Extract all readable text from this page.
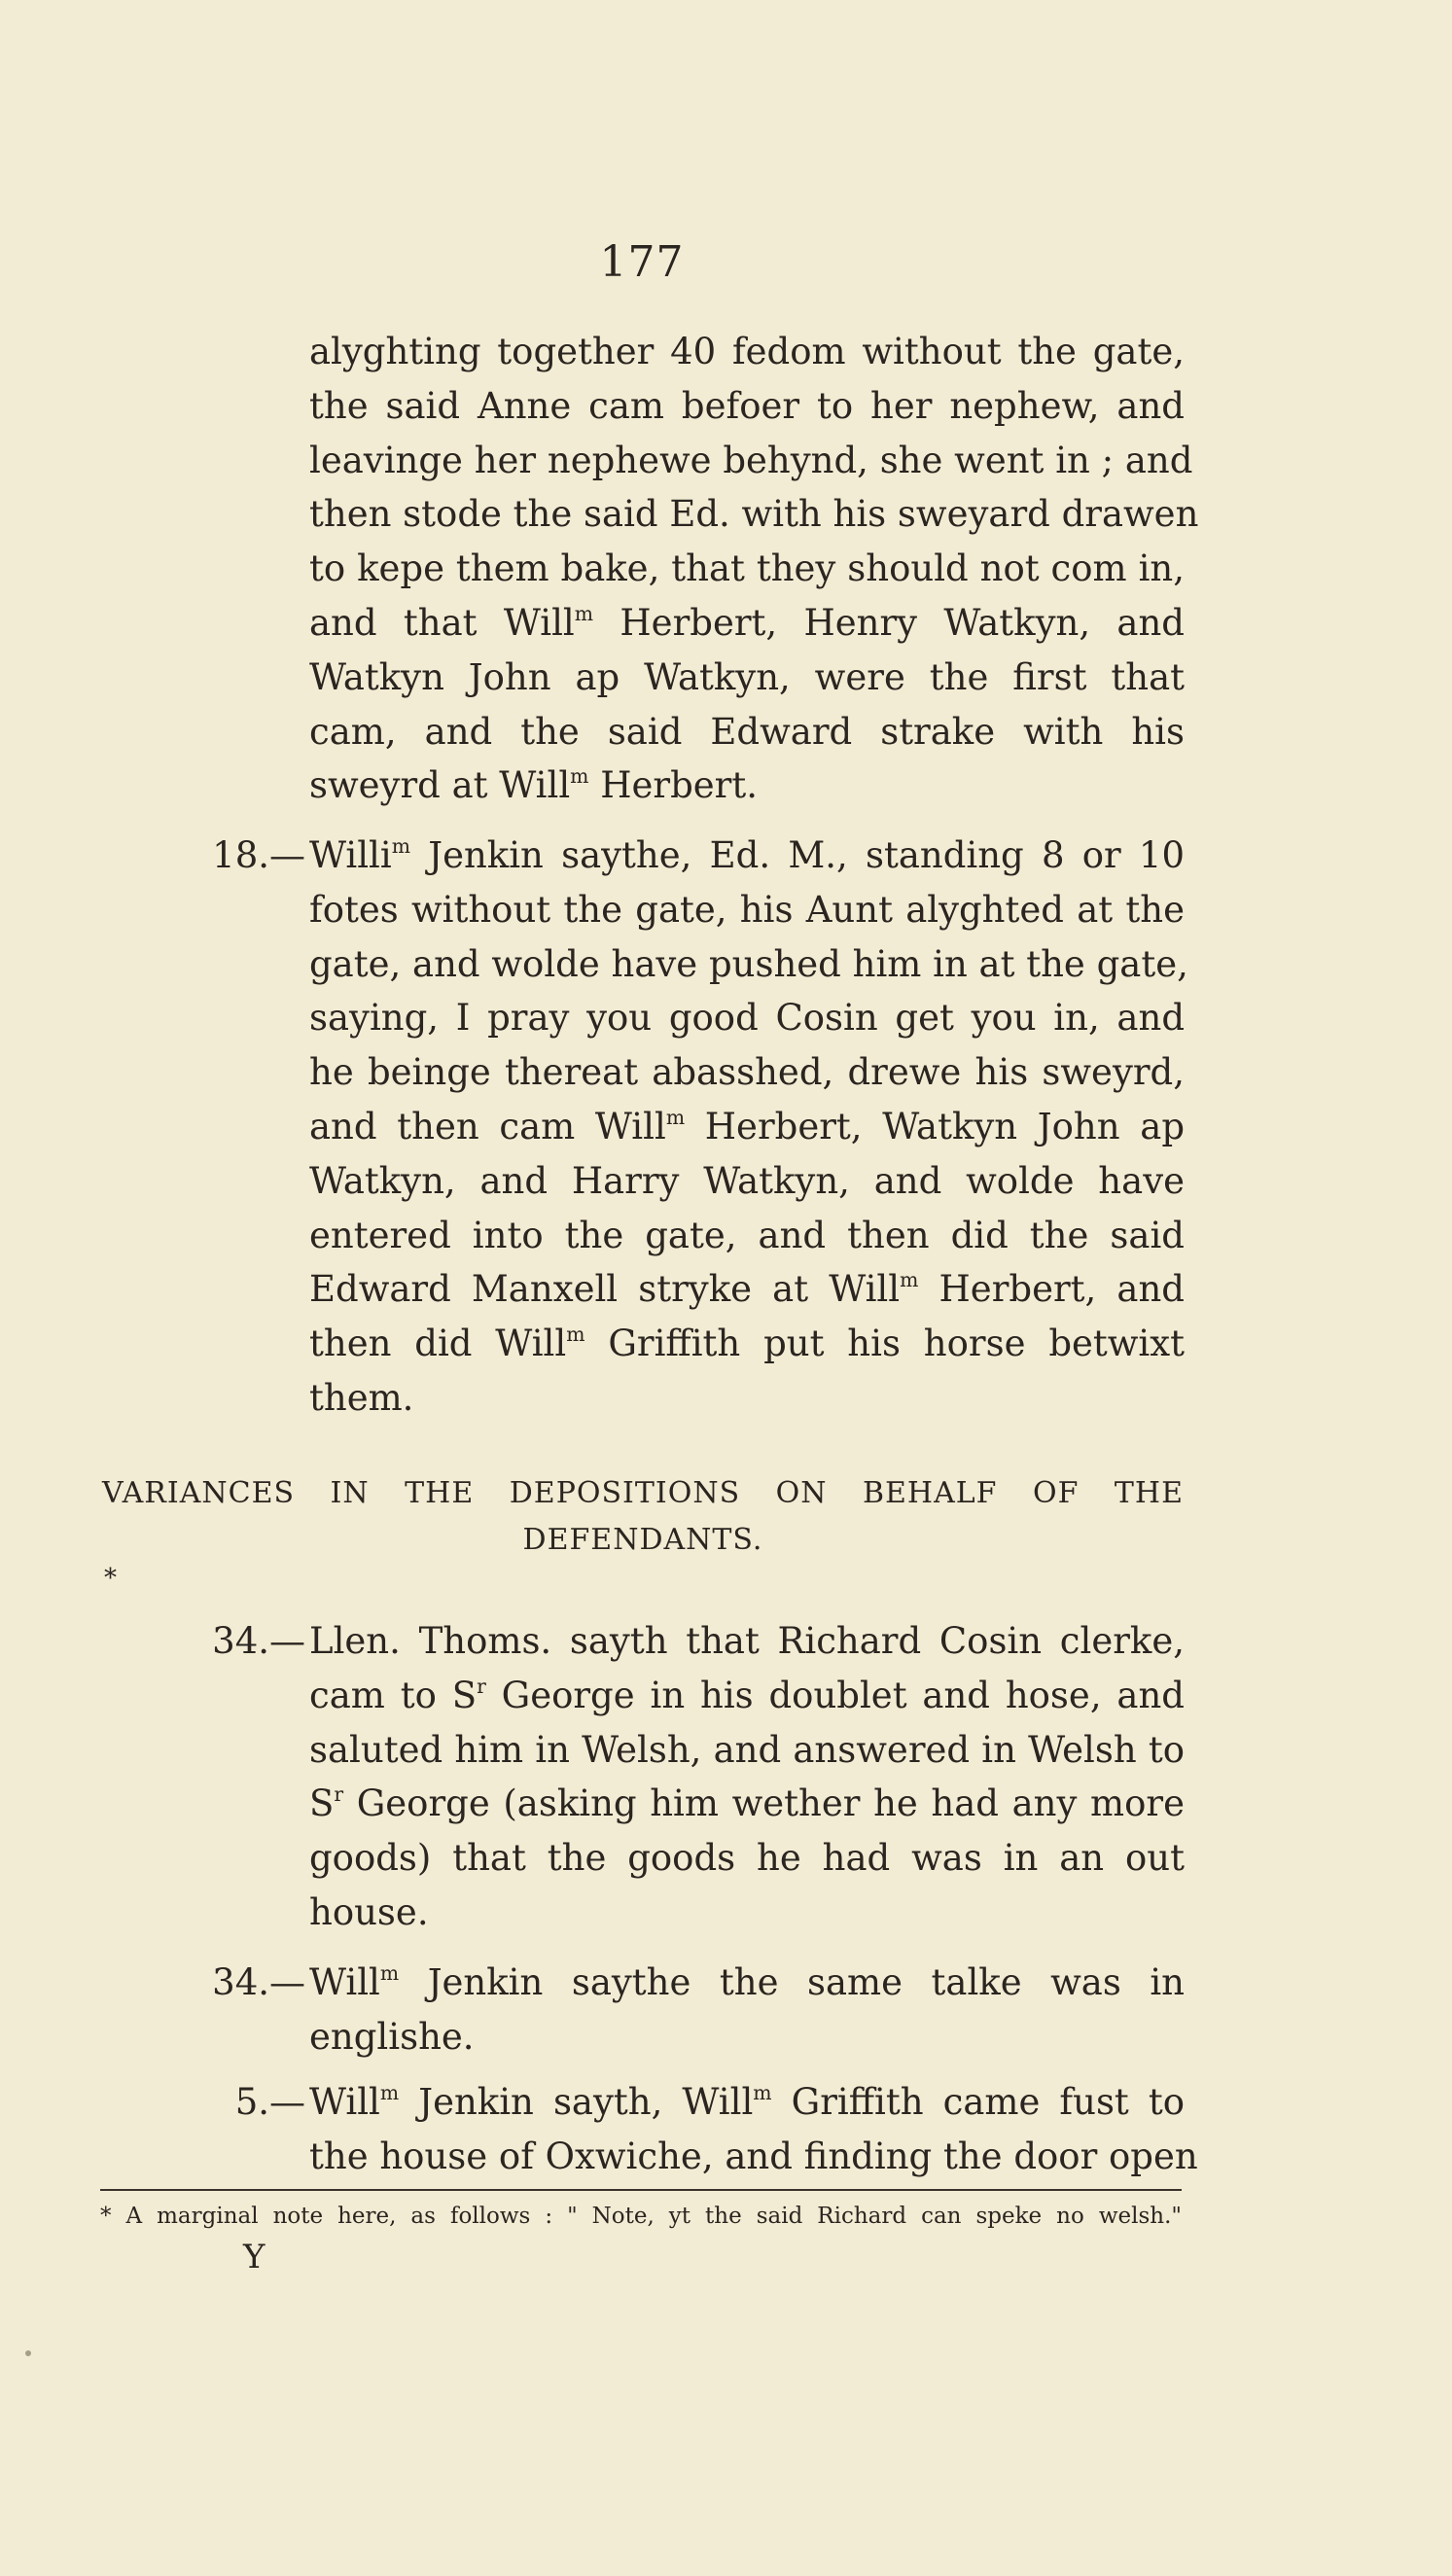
177
alyghting together 40 fedom without the gate,
the said Anne cam befoer to her nephew, and
leavinge her nephewe behynd, she went in ; and
then stode the said Ed. with his sweyard drawen
to kepe them bake, that they should not com in,
and that Will$^m$ Herbert, Henry Watkyn, and
Watkyn John ap Watkyn, were the first that
cam, and the said Edward strake with his
sweyrd at Will$^m$ Herbert.
18.— Willi$^m$ Jenkin saythe, Ed. M., standing 8 or 10
fotes without the gate, his Aunt alyghted at the
gate, and wolde have pushed him in at the gate,
saying, I pray you good Cosin get you in, and
he beinge thereat abasshed, drewe his sweyrd,
and then cam Will$^m$ Herbert, Watkyn John ap
Watkyn, and Harry Watkyn, and wolde have
entered into the gate, and then did the said
Edward Manxell stryke at Will$^m$ Herbert, and
then did Will$^m$ Griffith put his horse betwixt
them.
VARIANCES IN THE DEPOSITIONS ON BEHALF OF THE
DEFENDANTS.
*
34.— Llen. Thoms. sayth that Richard Cosin clerke,
cam to $S^r$ George in his doublet and hose, and
saluted him in Welsh, and answered in Welsh to
$S^r$ George (asking him wether he had any more
goods) that the goods he had was in an out
house.
34.— Will$^m$ Jenkin saythe the same talke was in
englishe.
5.— Will$^m$ Jenkin sayth, Will$^m$ Griffith came fust to
the house of Oxwiche, and finding the door open
* A marginal note here, as follows : " Note, yt the said Richard can speke no welsh."
Y
